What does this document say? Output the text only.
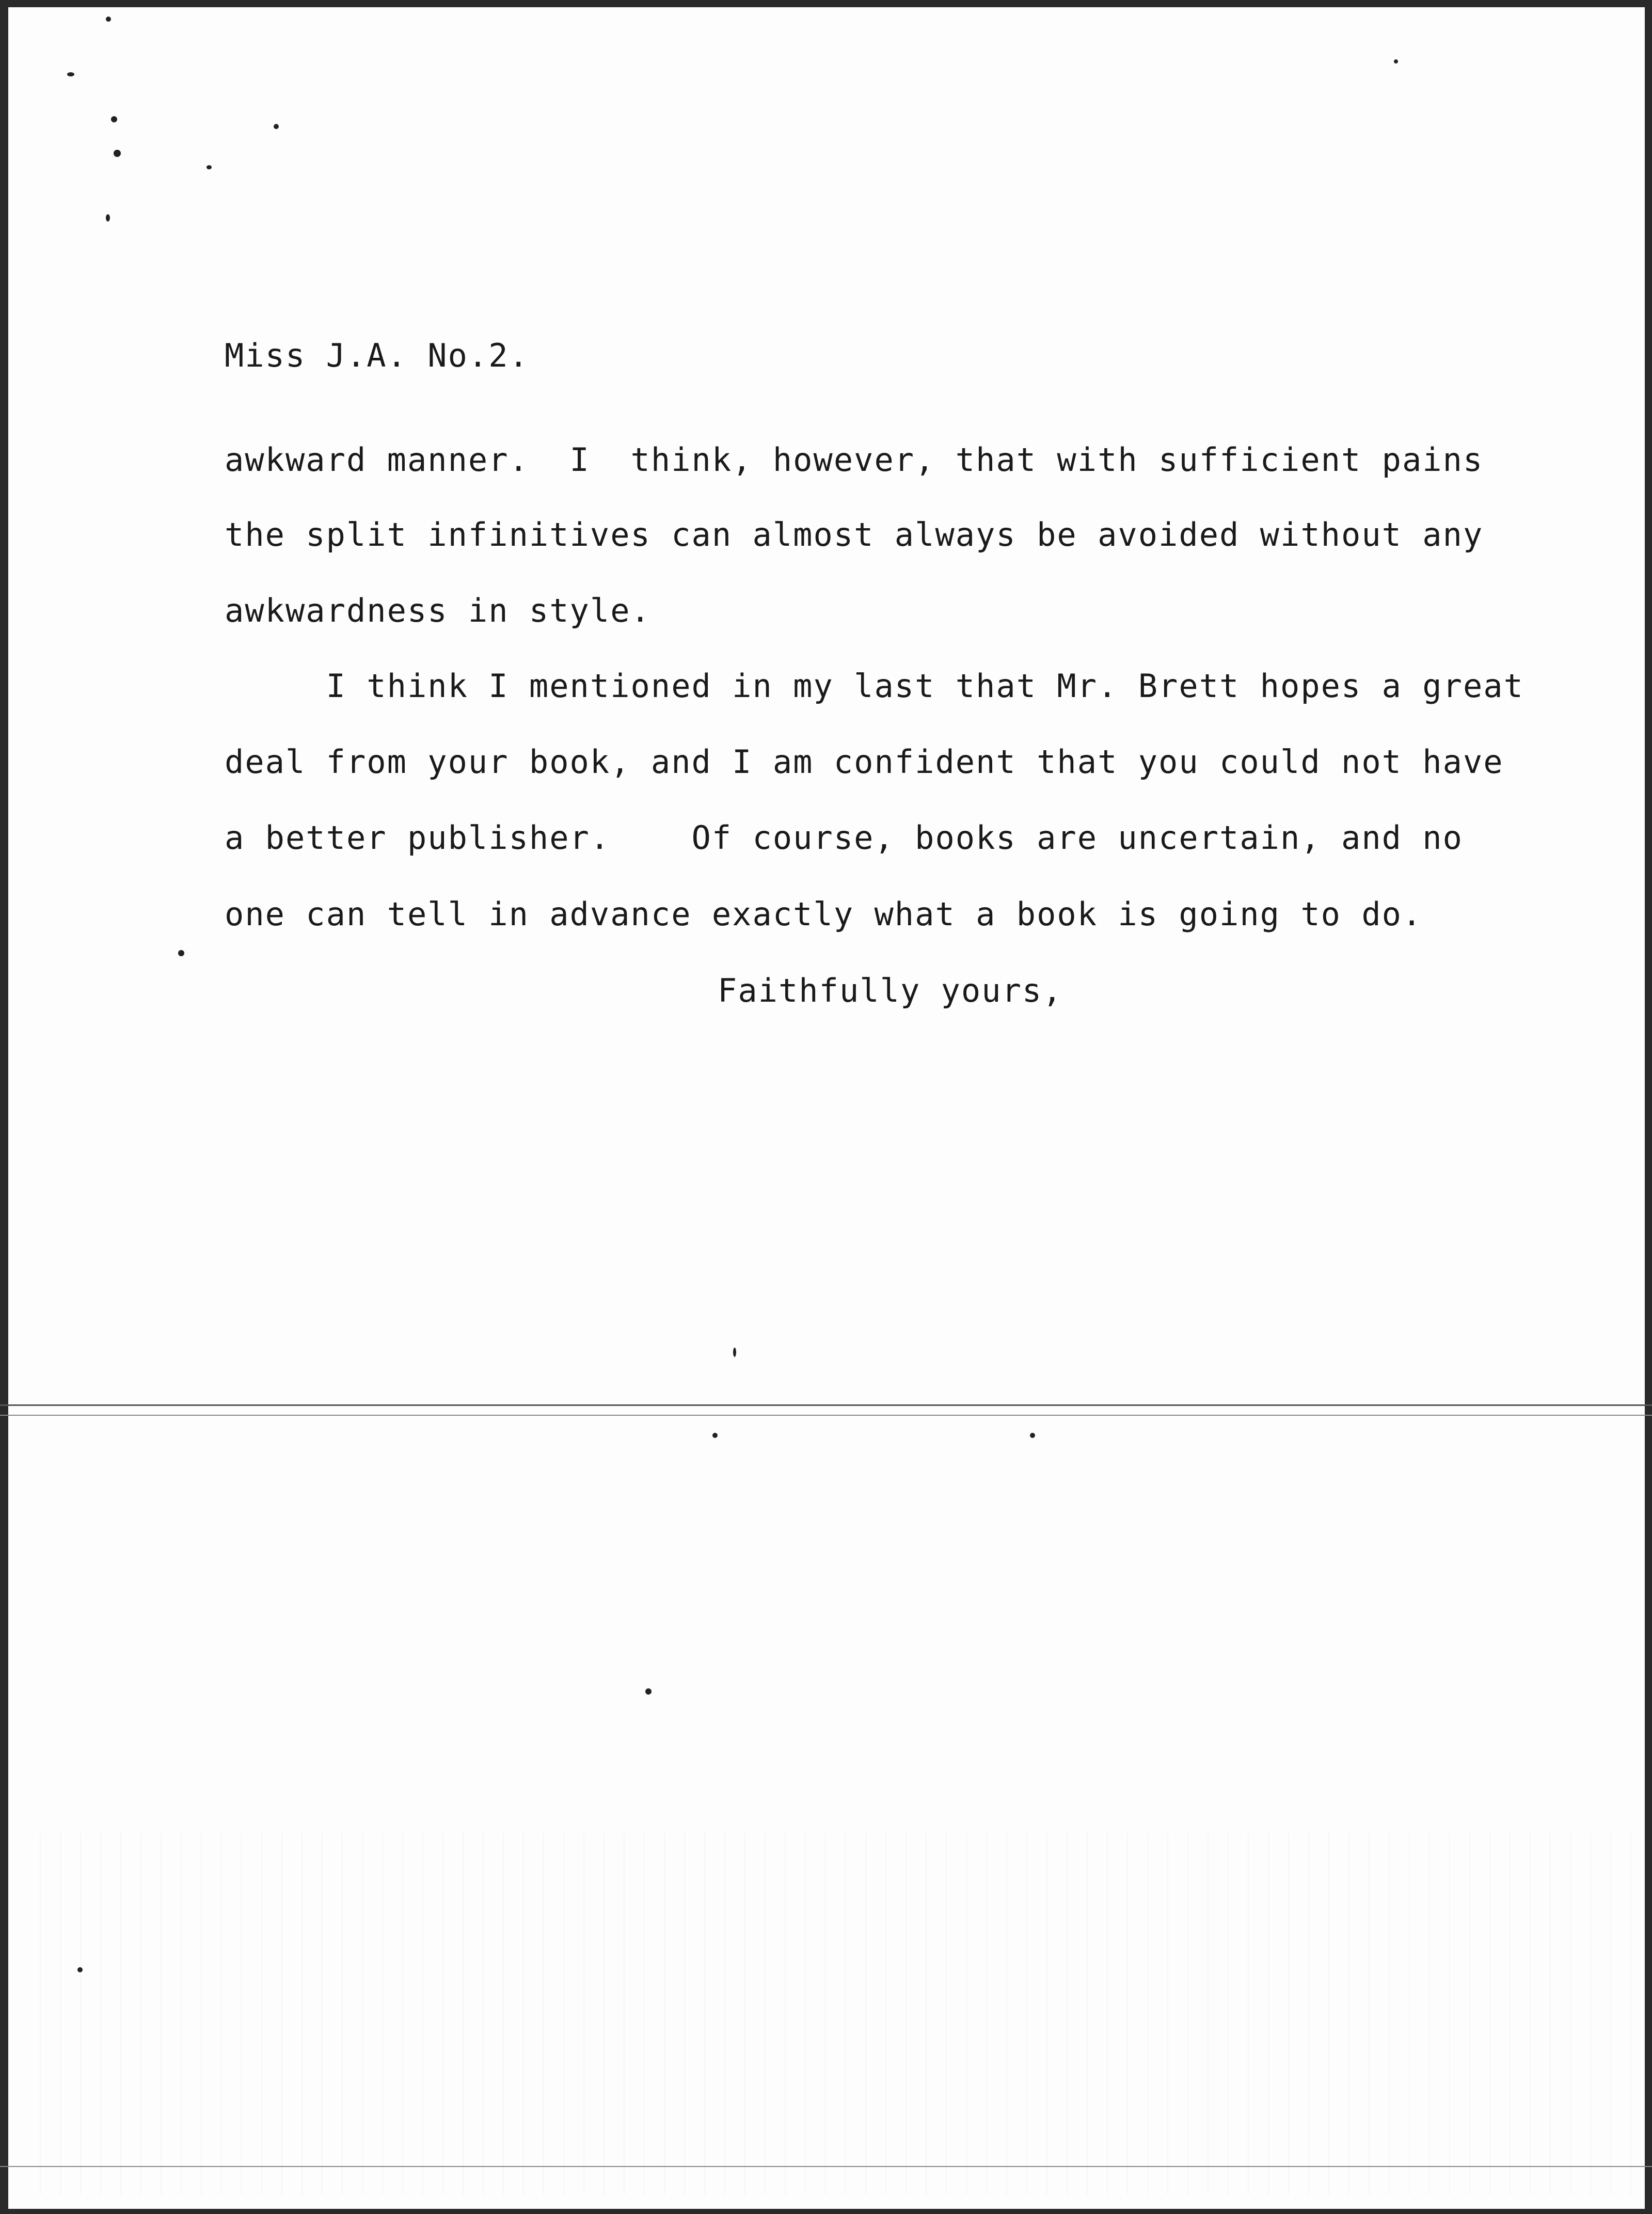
Miss J.A. No.2.
awkward manner.  I  think, however, that with sufficient pains
the split infinitives can almost always be avoided without any
awkwardness in style.
I think I mentioned in my last that Mr. Brett hopes a great
deal from your book, and I am confident that you could not have
a better publisher.    Of course, books are uncertain, and no
one can tell in advance exactly what a book is going to do.
Faithfully yours,
